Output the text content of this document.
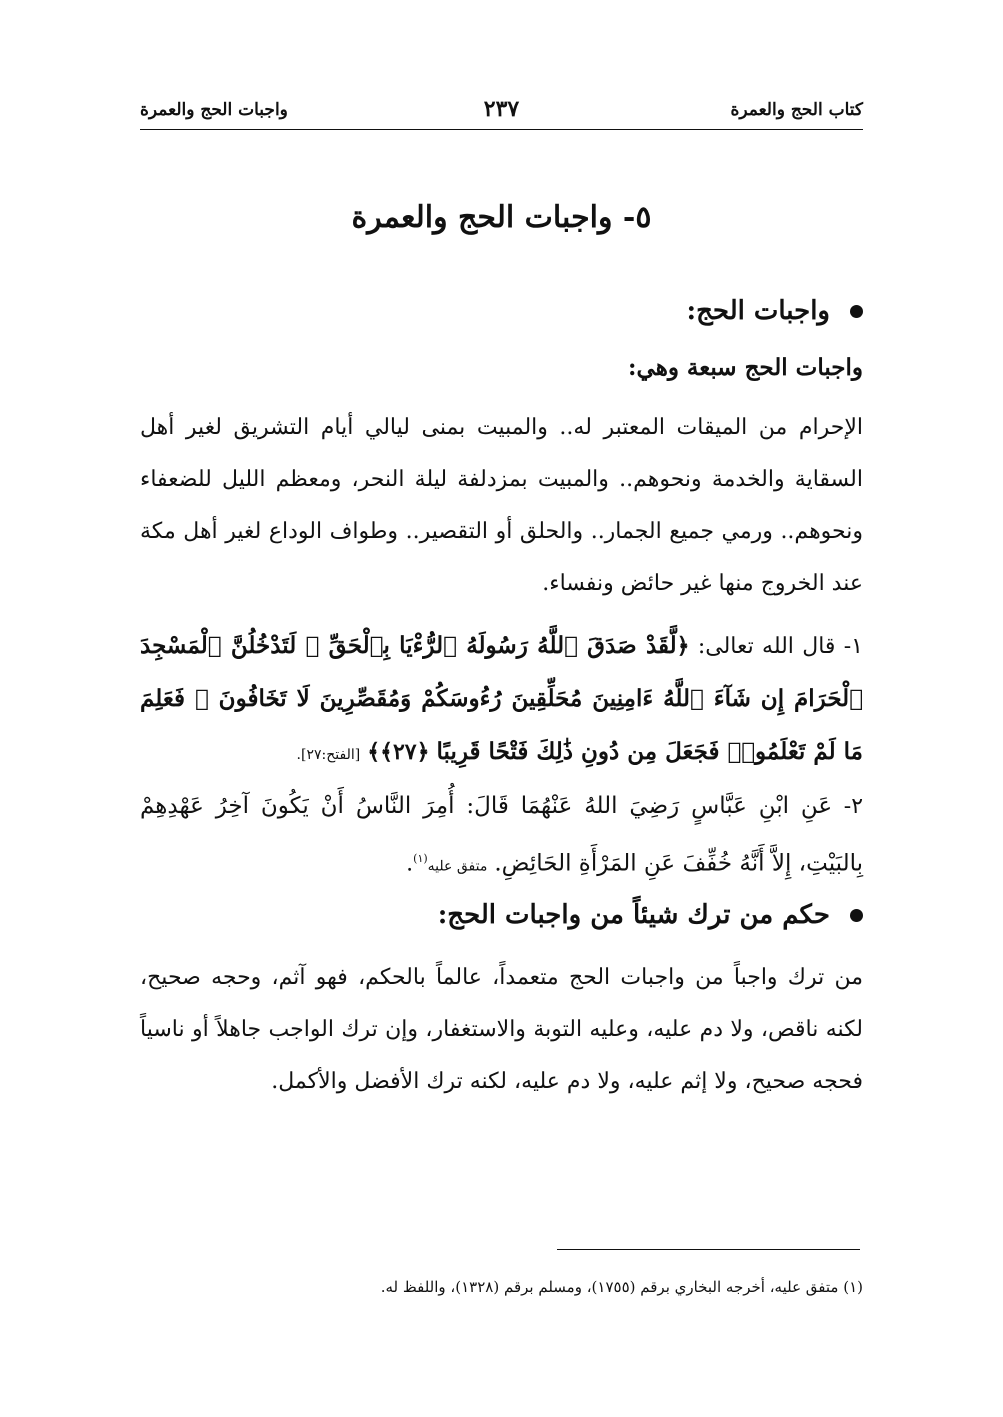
كتاب الحج والعمرة
٢٣٧
واجبات الحج والعمرة
٥- واجبات الحج والعمرة
واجبات الحج:
واجبات الحج سبعة وهي:
الإحرام من الميقات المعتبر له.. والمبيت بمنى ليالي أيام التشريق لغير أهل السقاية والخدمة ونحوهم.. والمبيت بمزدلفة ليلة النحر، ومعظم الليل للضعفاء ونحوهم.. ورمي جميع الجمار.. والحلق أو التقصير.. وطواف الوداع لغير أهل مكة عند الخروج منها غير حائض ونفساء.
١- قال الله تعالى: ﴿لَّقَدْ صَدَقَ ٱللَّهُ رَسُولَهُ ٱلرُّءْيَا بِٱلْحَقِّ ۖ لَتَدْخُلُنَّ ٱلْمَسْجِدَ ٱلْحَرَامَ إِن شَآءَ ٱللَّهُ ءَامِنِينَ مُحَلِّقِينَ رُءُوسَكُمْ وَمُقَصِّرِينَ لَا تَخَافُونَ ۖ فَعَلِمَ مَا لَمْ تَعْلَمُوا۟ فَجَعَلَ مِن دُونِ ذَٰلِكَ فَتْحًا قَرِيبًا ﴿٢٧﴾﴾ [الفتح:٢٧].
٢- عَنِ ابْنِ عَبَّاسٍ رَضِيَ اللهُ عَنْهُمَا قَالَ: أُمِرَ النَّاسُ أَنْ يَكُونَ آخِرُ عَهْدِهِمْ بِالبَيْتِ، إِلاَّ أَنَّهُ خُفِّفَ عَنِ المَرْأَةِ الحَائِضِ. متفق عليه$^{(١)}$.
حكم من ترك شيئاً من واجبات الحج:
من ترك واجباً من واجبات الحج متعمداً، عالماً بالحكم، فهو آثم، وحجه صحيح، لكنه ناقص، ولا دم عليه، وعليه التوبة والاستغفار، وإن ترك الواجب جاهلاً أو ناسياً فحجه صحيح، ولا إثم عليه، ولا دم عليه، لكنه ترك الأفضل والأكمل.
(١) متفق عليه، أخرجه البخاري برقم (١٧٥٥)، ومسلم برقم (١٣٢٨)، واللفظ له.
